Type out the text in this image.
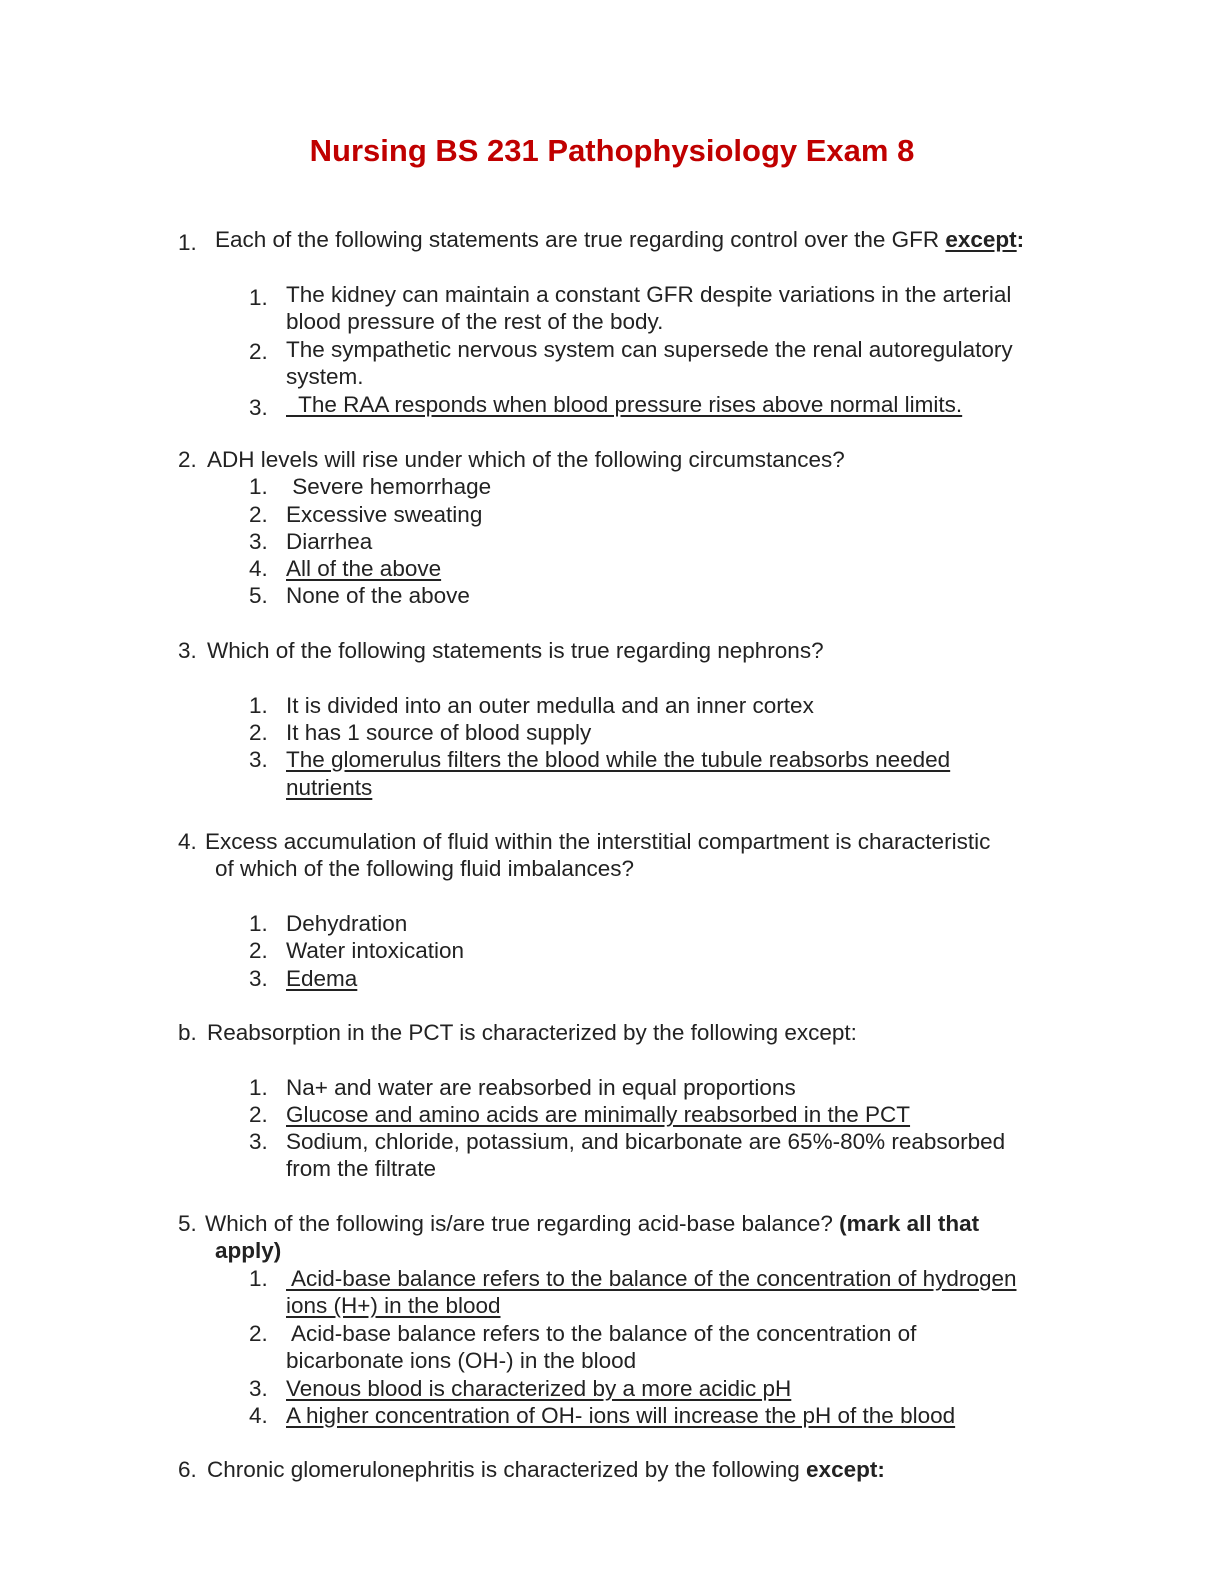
Nursing BS 231 Pathophysiology Exam 8
1. Each of the following statements are true regarding control over the GFR except:
1. The kidney can maintain a constant GFR despite variations in the arterial
blood pressure of the rest of the body.
2. The sympathetic nervous system can supersede the renal autoregulatory
system.
3. The RAA responds when blood pressure rises above normal limits.
2. ADH levels will rise under which of the following circumstances?
1. Severe hemorrhage
2. Excessive sweating
3. Diarrhea
4. All of the above
5. None of the above
3. Which of the following statements is true regarding nephrons?
1. It is divided into an outer medulla and an inner cortex
2. It has 1 source of blood supply
3. The glomerulus filters the blood while the tubule reabsorbs needed
nutrients
4. Excess accumulation of fluid within the interstitial compartment is characteristic
of which of the following fluid imbalances?
1. Dehydration
2. Water intoxication
3. Edema
b. Reabsorption in the PCT is characterized by the following except:
1. Na+ and water are reabsorbed in equal proportions
2. Glucose and amino acids are minimally reabsorbed in the PCT
3. Sodium, chloride, potassium, and bicarbonate are 65%-80% reabsorbed
from the filtrate
5. Which of the following is/are true regarding acid-base balance? (mark all that
apply)
1. Acid-base balance refers to the balance of the concentration of hydrogen
ions (H+) in the blood
2. Acid-base balance refers to the balance of the concentration of
bicarbonate ions (OH-) in the blood
3. Venous blood is characterized by a more acidic pH
4. A higher concentration of OH- ions will increase the pH of the blood
6. Chronic glomerulonephritis is characterized by the following except:
